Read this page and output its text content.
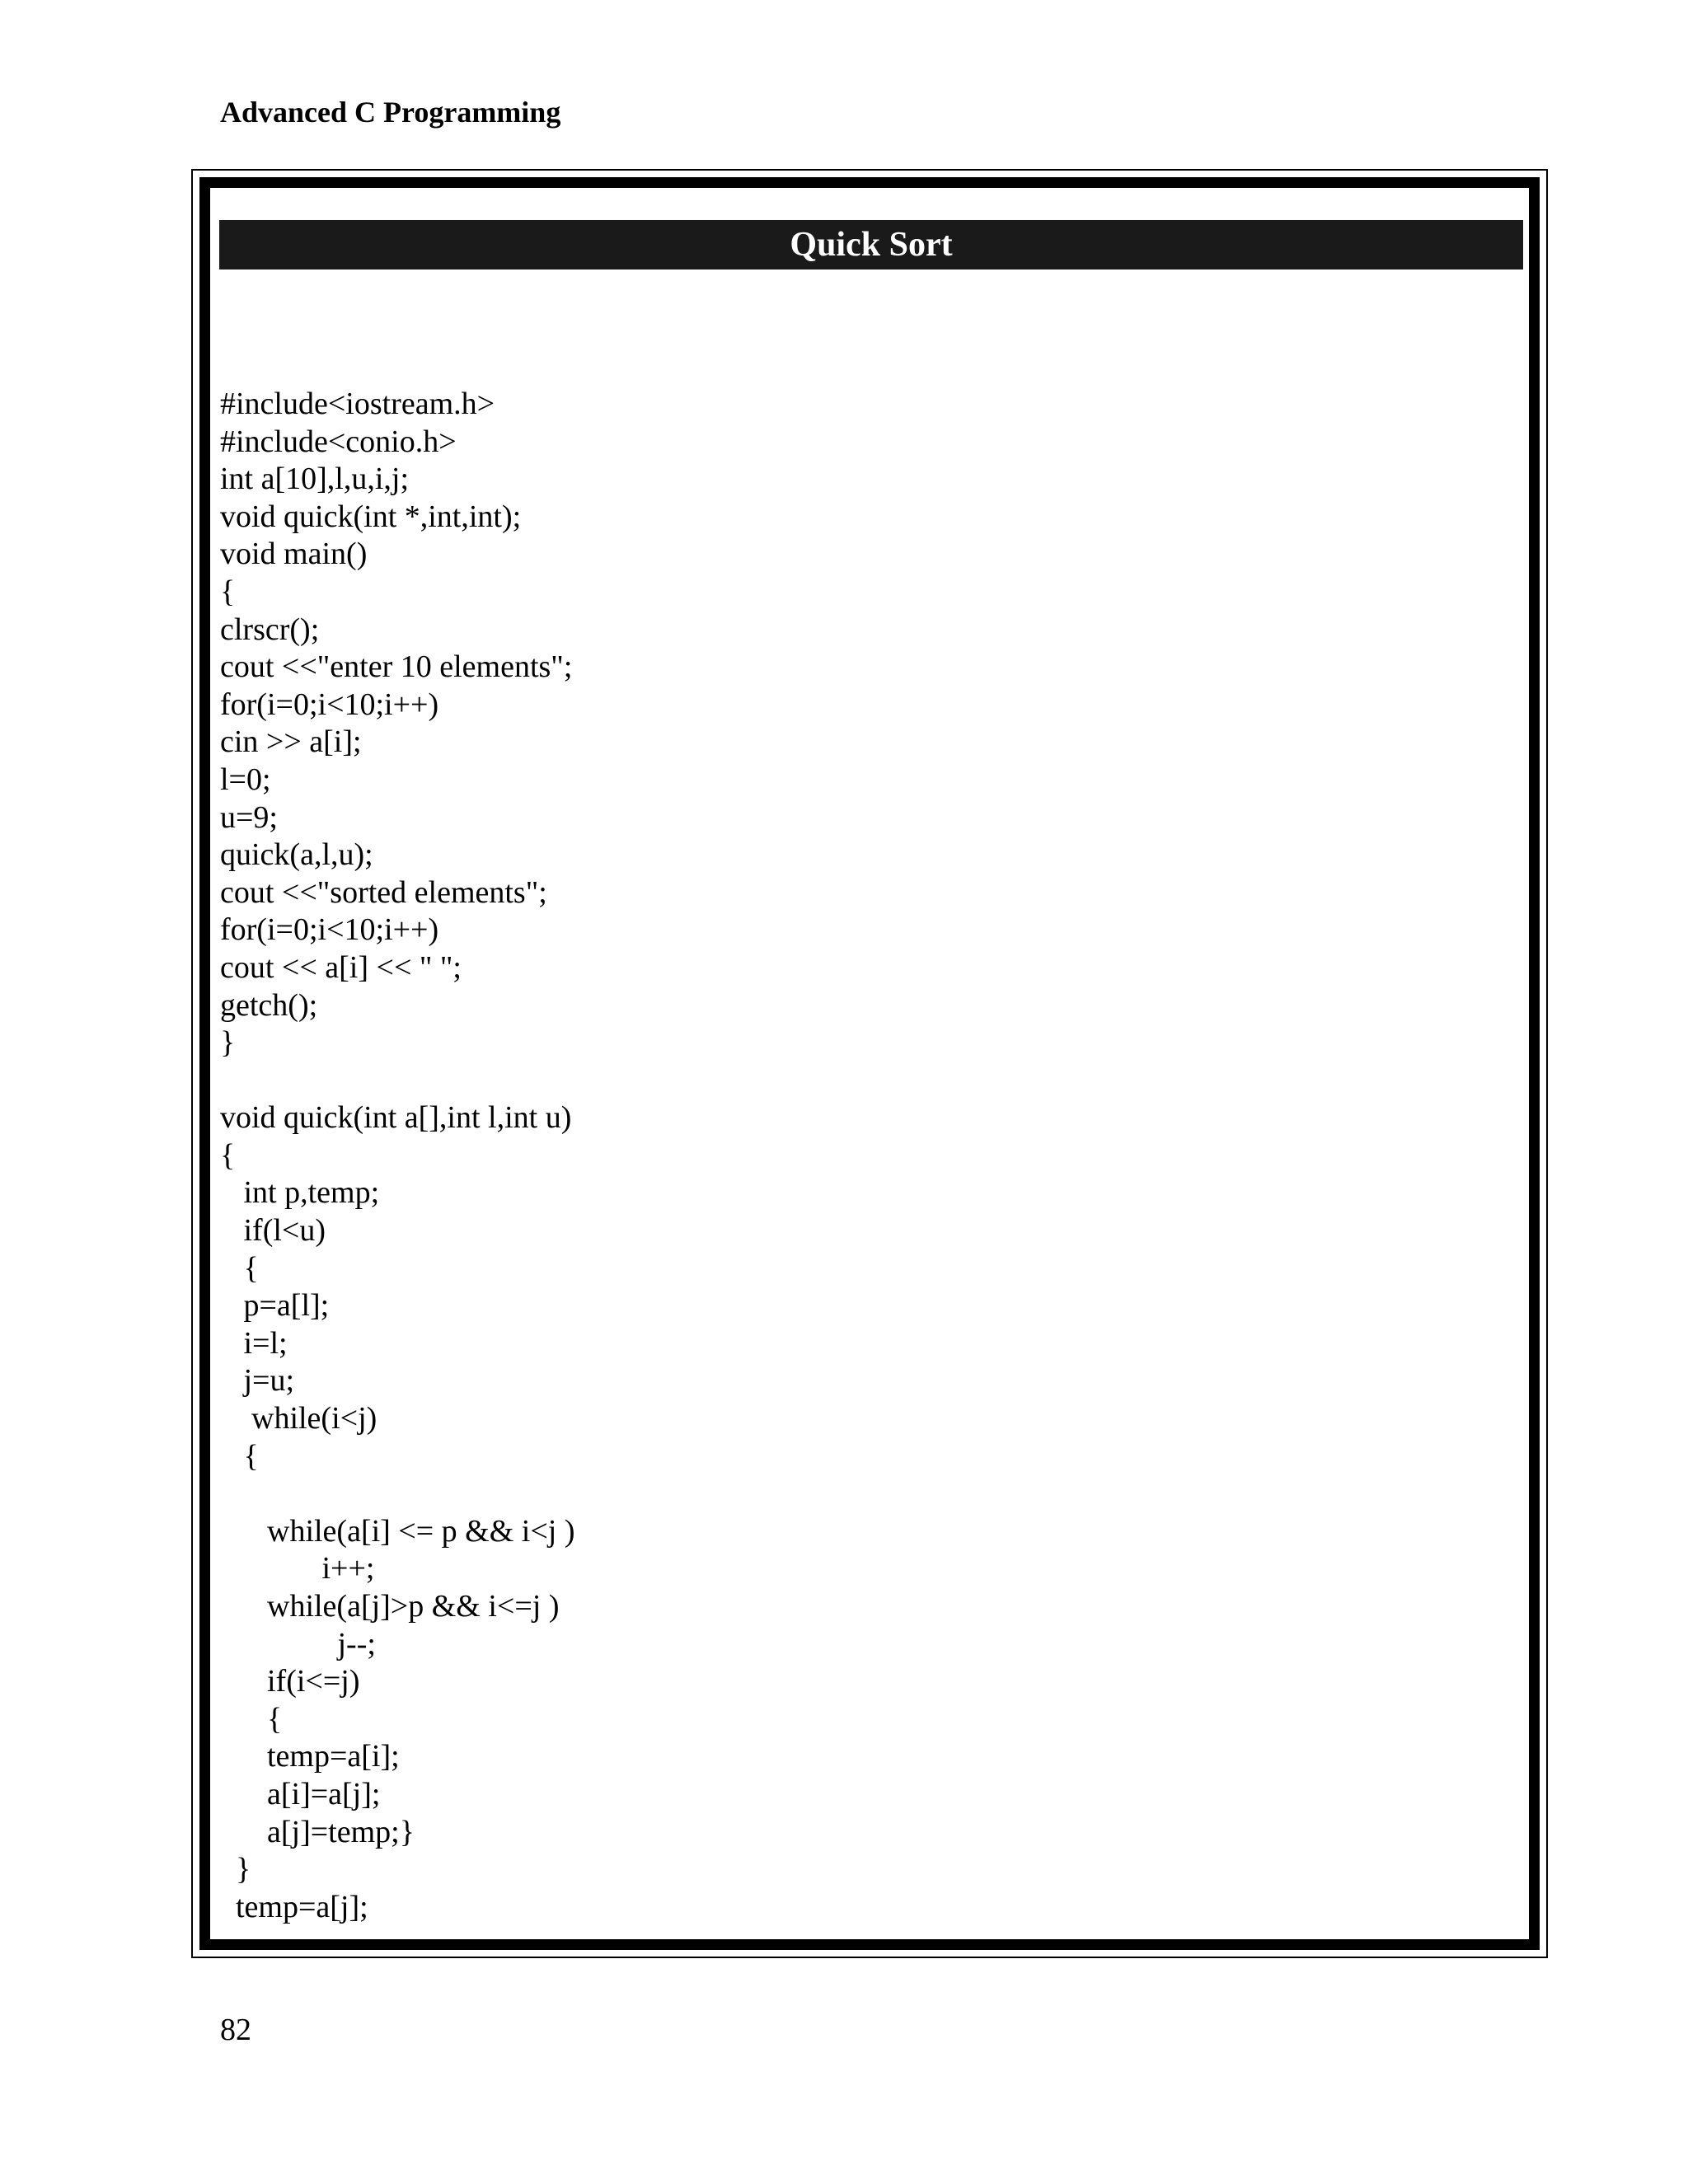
Advanced C Programming
Quick Sort
#include<iostream.h>
#include<conio.h>
int a[10],l,u,i,j;
void quick(int *,int,int);
void main()
{
clrscr();
cout <<"enter 10 elements";
for(i=0;i<10;i++)
cin >> a[i];
l=0;
u=9;
quick(a,l,u);
cout <<"sorted elements";
for(i=0;i<10;i++)
cout << a[i] << " ";
getch();
}
void quick(int a[],int l,int u)
{
int p,temp;
if(l<u)
{
p=a[l];
i=l;
j=u;
while(i<j)
{
while(a[i] <= p && i<j )
i++;
while(a[j]>p && i<=j )
j--;
if(i<=j)
{
temp=a[i];
a[i]=a[j];
a[j]=temp;}
}
temp=a[j];
82
